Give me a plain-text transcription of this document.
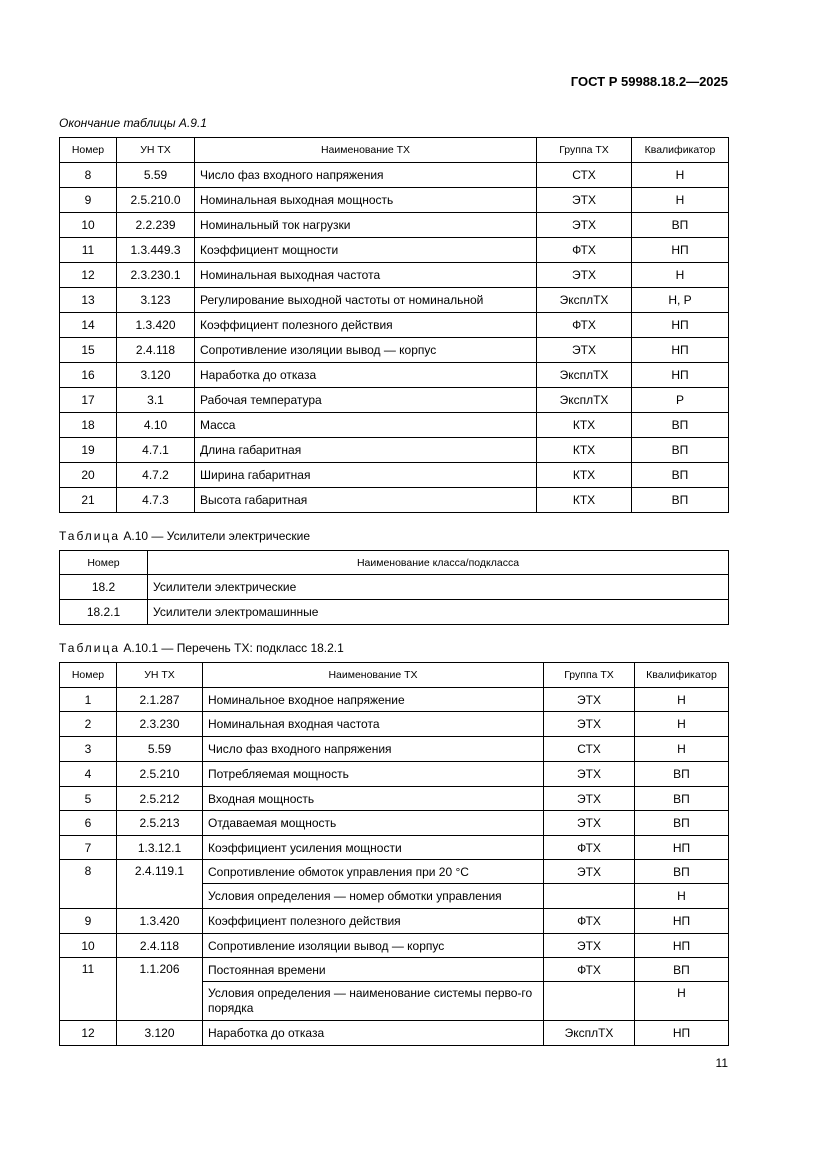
ГОСТ Р 59988.18.2—2025
Окончание таблицы А.9.1
Номер	УН ТХ	Наименование ТХ	Группа ТХ	Квалификатор
8	5.59	Число фаз входного напряжения	СТХ	Н
9	2.5.210.0	Номинальная выходная мощность	ЭТХ	Н
10	2.2.239	Номинальный ток нагрузки	ЭТХ	ВП
11	1.3.449.3	Коэффициент мощности	ФТХ	НП
12	2.3.230.1	Номинальная выходная частота	ЭТХ	Н
13	3.123	Регулирование выходной частоты от номинальной	ЭксплТХ	Н, Р
14	1.3.420	Коэффициент полезного действия	ФТХ	НП
15	2.4.118	Сопротивление изоляции вывод — корпус	ЭТХ	НП
16	3.120	Наработка до отказа	ЭксплТХ	НП
17	3.1	Рабочая температура	ЭксплТХ	Р
18	4.10	Масса	КТХ	ВП
19	4.7.1	Длина габаритная	КТХ	ВП
20	4.7.2	Ширина габаритная	КТХ	ВП
21	4.7.3	Высота габаритная	КТХ	ВП
Таблица А.10 — Усилители электрические
Номер	Наименование класса/подкласса
18.2	Усилители электрические
18.2.1	Усилители электромашинные
Таблица А.10.1 — Перечень ТХ: подкласс 18.2.1
Номер	УН ТХ	Наименование ТХ	Группа ТХ	Квалификатор
1	2.1.287	Номинальное входное напряжение	ЭТХ	Н
2	2.3.230	Номинальная входная частота	ЭТХ	Н
3	5.59	Число фаз входного напряжения	СТХ	Н
4	2.5.210	Потребляемая мощность	ЭТХ	ВП
5	2.5.212	Входная мощность	ЭТХ	ВП
6	2.5.213	Отдаваемая мощность	ЭТХ	ВП
7	1.3.12.1	Коэффициент усиления мощности	ФТХ	НП
8	2.4.119.1	Сопротивление обмоток управления при 20 °С	ЭТХ	ВП
		Условия определения — номер обмотки управления		Н
9	1.3.420	Коэффициент полезного действия	ФТХ	НП
10	2.4.118	Сопротивление изоляции вывод — корпус	ЭТХ	НП
11	1.1.206	Постоянная времени	ФТХ	ВП
		Условия определения — наименование системы перво-го порядка		Н
12	3.120	Наработка до отказа	ЭксплТХ	НП
11
